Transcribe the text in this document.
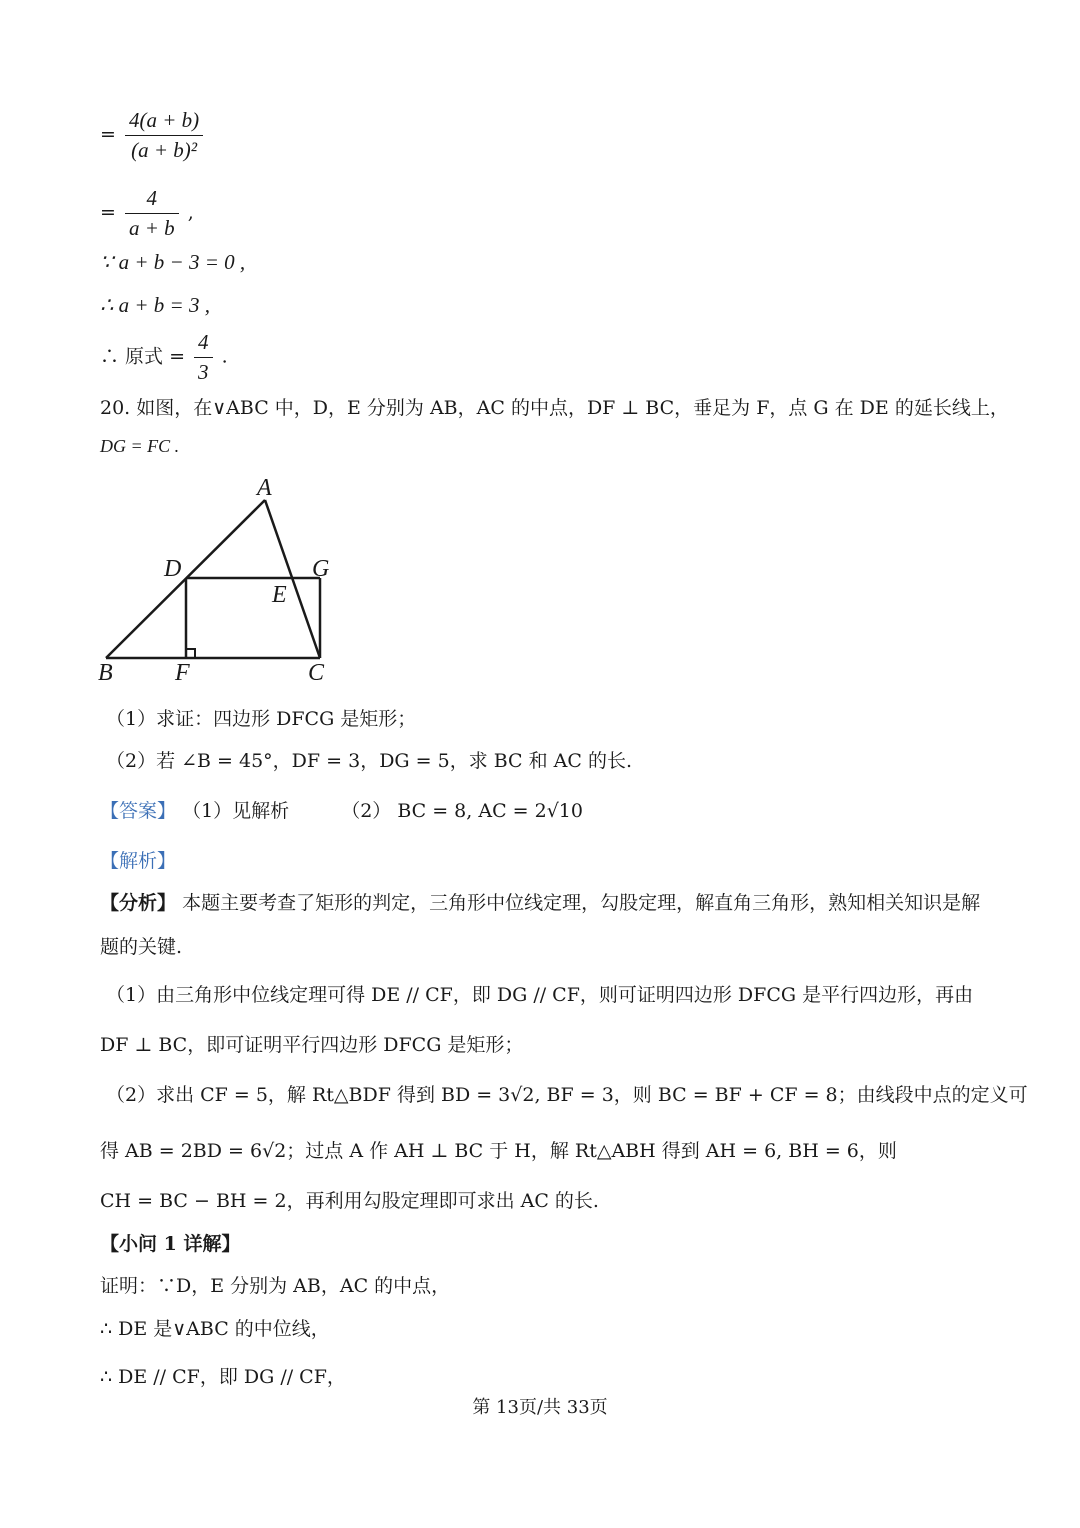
= $\frac{4(a + b)}{\text{(a + b)²}}$
= $\frac{4}{a + b}$ ,
∵ a + b − 3 = 0 ,
∴ a + b = 3 ,
∴ 原式 = $\frac{4}{3}$ .
20. 如图，在∨ABC 中，D，E 分别为 AB，AC 的中点，DF ⊥ BC，垂足为 F，点 G 在 DE 的延长线上，
DG = FC .
A
B	C
D
E
F
G
（1）求证：四边形 DFCG 是矩形；
（2）若 ∠B = 45°，DF = 3，DG = 5，求 BC 和 AC 的长.
【答案】 （1）见解析	（2） BC = 8, AC = 2√10
【解析】
【分析】 本题主要考查了矩形的判定，三角形中位线定理，勾股定理，解直角三角形，熟知相关知识是解
题的关键.
（1）由三角形中位线定理可得 DE // CF，即 DG // CF，则可证明四边形 DFCG 是平行四边形，再由
DF ⊥ BC，即可证明平行四边形 DFCG 是矩形；
（2）求出 CF = 5，解 Rt△BDF 得到 BD = 3√2, BF = 3，则 BC = BF + CF = 8；由线段中点的定义可
得 AB = 2BD = 6√2；过点 A 作 AH ⊥ BC 于 H，解 Rt△ABH 得到 AH = 6, BH = 6，则
CH = BC − BH = 2，再利用勾股定理即可求出 AC 的长.
【小问 1 详解】
证明：∵D，E 分别为 AB，AC 的中点，
∴ DE 是∨ABC 的中位线，
∴ DE // CF，即 DG // CF，
第 13页/共 33页
